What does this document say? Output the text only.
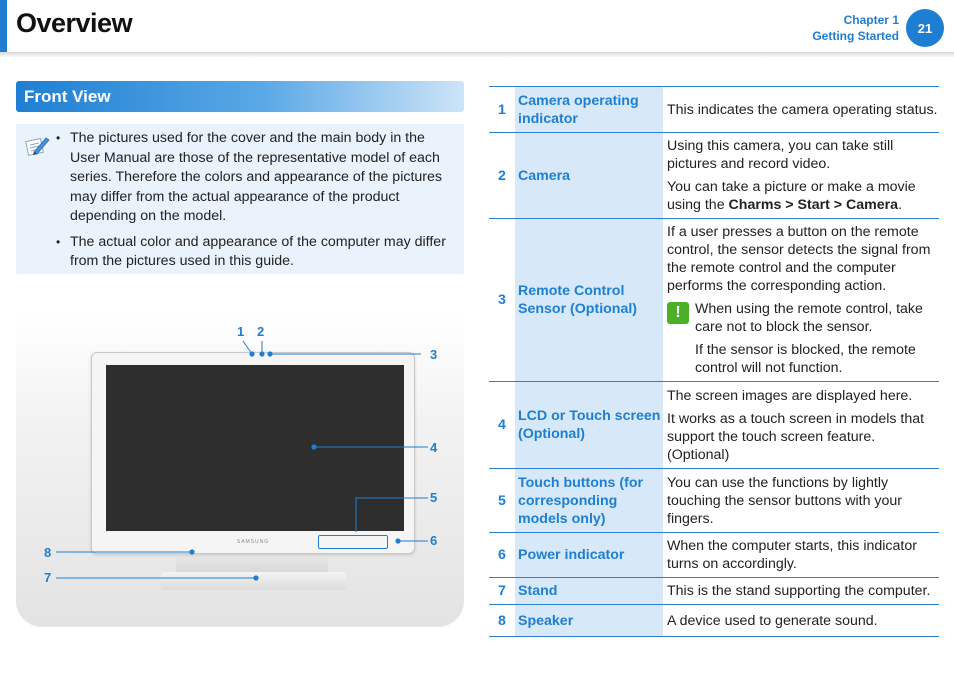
Overview	Chapter 1
Getting Started
21
Front View
• The pictures used for the cover and the main body in the User Manual are those of the representative model of each series. Therefore the colors and appearance of the pictures may differ from the actual appearance of the product depending on the model.
• The actual color and appearance of the computer may differ from the pictures used in this guide.
SAMSUNG
1 2
3
4
5
6
7
8
1	Camera operating indicator	This indicates the camera operating status.

2	Camera	Using this camera, you can take still pictures and record video.

You can take a picture or make a movie using the Charms > Start > Camera.

3	Remote Control Sensor (Optional)	If a user presses a button on the remote control, the sensor detects the signal from the remote control and the computer performs the corresponding action.

! When using the remote control, take care not to block the sensor.

If the sensor is blocked, the remote control will not function.

4	LCD or Touch screen (Optional)	The screen images are displayed here.

It works as a touch screen in models that support the touch screen feature. (Optional)

5	Touch buttons (for corresponding models only)	You can use the functions by lightly touching the sensor buttons with your fingers.

6	Power indicator	When the computer starts, this indicator turns on accordingly.

7	Stand	This is the stand supporting the computer.

8	Speaker	A device used to generate sound.
